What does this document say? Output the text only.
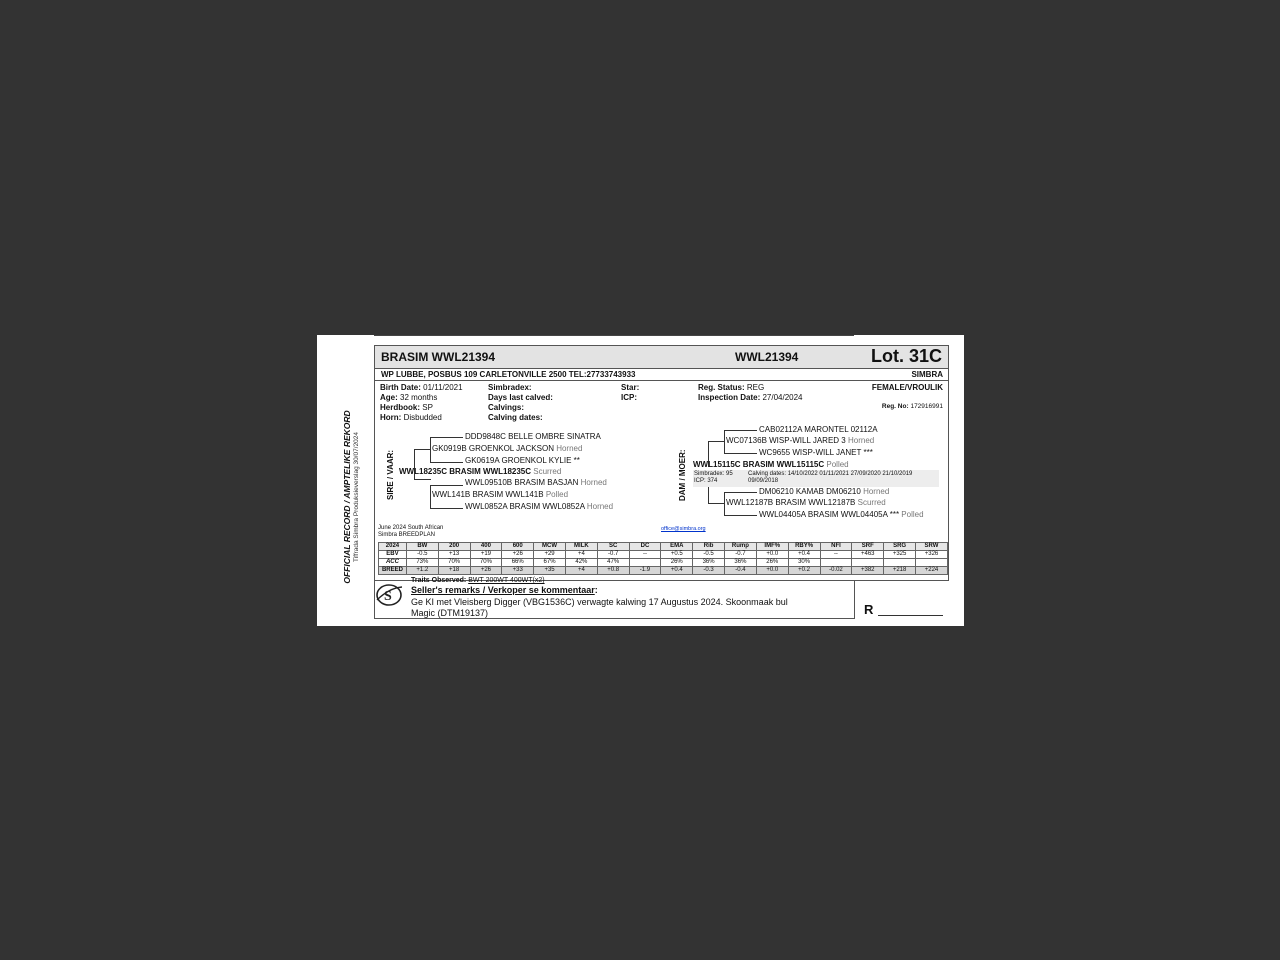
OFFICIAL RECORD / AMPTELIKE REKORD Tiffrada Simbra Produksieverslag 30/07/2024
BRASIM WWL21394	WWL21394	Lot. 31C
WP LUBBE, POSBUS 109 CARLETONVILLE 2500 TEL:27733743933	SIMBRA
Birth Date: 01/11/2021
Age: 32 months
Herdbook: SP
Horn: Disbudded
Simbradex:
Days last calved:
Calvings:
Calving dates:
Star:
ICP:
Reg. Status: REG
Inspection Date: 27/04/2024
FEMALE/VROULIK
Reg. No: 172916991
SIRE / VAAR:
DDD9848C BELLE OMBRE SINATRA
GK0919B GROENKOL JACKSON Horned
GK0619A GROENKOL KYLIE **
WWL18235C BRASIM WWL18235C Scurred
WWL09510B BRASIM BASJAN Horned
WWL141B BRASIM WWL141B Polled
WWL0852A BRASIM WWL0852A Horned
DAM / MOER:
CAB02112A MARONTEL 02112A
WC07136B WISP-WILL JARED 3 Horned
WC9655 WISP-WILL JANET ***
WWL15115C BRASIM WWL15115C Polled
Simbradex: 95
ICP: 374
Calving dates: 14/10/2022 01/11/2021 27/09/2020 21/10/2019
09/09/2018
DM06210 KAMAB DM06210 Horned
WWL12187B BRASIM WWL12187B Scurred
WWL04405A BRASIM WWL04405A *** Polled
June 2024 South African
Simbra BREEDPLAN
office@simbra.org
2024	BW	200	400	600	MCW	MILK	SC	DC	EMA	Rib	Rump	IMF%	RBY%	NFI	SRF	SRG	SRW
EBV	-0.5	+13	+19	+26	+29	+4	-0.7	--	+0.5	-0.5	-0.7	+0.0	+0.4	--	+463	+325	+326
ACC	73%	70%	70%	66%	67%	42%	47%		26%	36%	36%	26%	30%				
BREED	+1.2	+18	+26	+33	+35	+4	+0.8	-1.9	+0.4	-0.3	-0.4	+0.0	+0.2	-0.02	+382	+218	+224
Traits Observed: BWT 200WT 400WT(x2)
Seller's remarks / Verkoper se kommentaar:
Ge KI met Vleisberg Digger (VBG1536C) verwagte kalwing 17 Augustus 2024. Skoonmaak bul
Magic (DTM19137)	R
S
